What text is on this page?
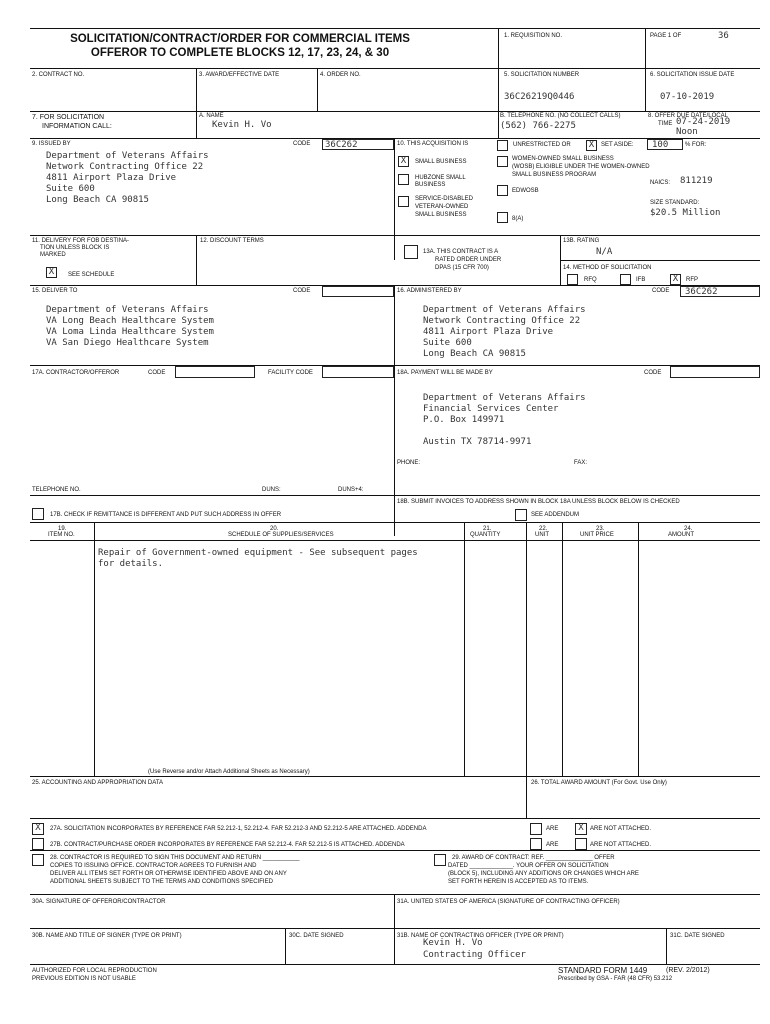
SOLICITATION/CONTRACT/ORDER FOR COMMERCIAL ITEMS
OFFEROR TO COMPLETE BLOCKS 12, 17, 23, 24, & 30
1. REQUISITION NO.	PAGE 1 OF	36
2. CONTRACT NO.	3. AWARD/EFFECTIVE DATE	4. ORDER NO.	5. SOLICITATION NUMBER
36C26219Q0446
6. SOLICITATION ISSUE DATE
07-10-2019
7. FOR SOLICITATION
INFORMATION CALL:
A. NAME
Kevin H. Vo
B. TELEPHONE NO. (NO COLLECT CALLS)
(562) 766-2275
8. OFFER DUE DATE/LOCAL
TIME 07-24-2019
Noon
9. ISSUED BY	CODE 36C262
Department of Veterans Affairs
Network Contracting Office 22
4811 Airport Plaza Drive
Suite 600
Long Beach CA 90815
10. THIS ACQUISITION IS	UNRESTRICTED OR	X	SET ASIDE: 100	% FOR:
X	SMALL BUSINESS
HUBZONE SMALL
BUSINESS
SERVICE-DISABLED
VETERAN-OWNED
SMALL BUSINESS
WOMEN-OWNED SMALL BUSINESS
(WOSB) ELIGIBLE UNDER THE WOMEN-OWNED
SMALL BUSINESS PROGRAM
EDWOSB
8(A)
NAICS: 811219
SIZE STANDARD:
$20.5 Million
11. DELIVERY FOR FOB DESTINA-
TION UNLESS BLOCK IS
MARKED
X	SEE SCHEDULE
12. DISCOUNT TERMS
13A. THIS CONTRACT IS A
RATED ORDER UNDER
DPAS (15 CFR 700)
13B. RATING
N/A
14. METHOD OF SOLICITATION
RFQ	IFB	X	RFP
15. DELIVER TO	CODE
Department of Veterans Affairs
VA Long Beach Healthcare System
VA Loma Linda Healthcare System
VA San Diego Healthcare System
16. ADMINISTERED BY	CODE 36C262
Department of Veterans Affairs
Network Contracting Office 22
4811 Airport Plaza Drive
Suite 600
Long Beach CA 90815
17A. CONTRACTOR/OFFEROR	CODE	FACILITY CODE
TELEPHONE NO.	DUNS:	DUNS+4:
17B. CHECK IF REMITTANCE IS DIFFERENT AND PUT SUCH ADDRESS IN OFFER
18A. PAYMENT WILL BE MADE BY	CODE
Department of Veterans Affairs
Financial Services Center
P.O. Box 149971
Austin TX 78714-9971
PHONE:	FAX:
18B. SUBMIT INVOICES TO ADDRESS SHOWN IN BLOCK 18A UNLESS BLOCK BELOW IS CHECKED
SEE ADDENDUM
19.
ITEM NO.
20.
SCHEDULE OF SUPPLIES/SERVICES
21.
QUANTITY
22.
UNIT
23.
UNIT PRICE
24.
AMOUNT
Repair of Government-owned equipment - See subsequent pages
for details.
(Use Reverse and/or Attach Additional Sheets as Necessary)
25. ACCOUNTING AND APPROPRIATION DATA	26. TOTAL AWARD AMOUNT (For Govt. Use Only)
X	27A. SOLICITATION INCORPORATES BY REFERENCE FAR 52.212-1, 52.212-4. FAR 52.212-3 AND 52.212-5 ARE ATTACHED. ADDENDA	ARE	X	ARE NOT ATTACHED.
27B. CONTRACT/PURCHASE ORDER INCORPORATES BY REFERENCE FAR 52.212-4. FAR 52.212-5 IS ATTACHED. ADDENDA	ARE	ARE NOT ATTACHED.
28. CONTRACTOR IS REQUIRED TO SIGN THIS DOCUMENT AND RETURN ___________
COPIES TO ISSUING OFFICE. CONTRACTOR AGREES TO FURNISH AND
DELIVER ALL ITEMS SET FORTH OR OTHERWISE IDENTIFIED ABOVE AND ON ANY
ADDITIONAL SHEETS SUBJECT TO THE TERMS AND CONDITIONS SPECIFIED
29. AWARD OF CONTRACT: REF. ______________ OFFER
DATED _____________. YOUR OFFER ON SOLICITATION
(BLOCK 5), INCLUDING ANY ADDITIONS OR CHANGES WHICH ARE
SET FORTH HEREIN IS ACCEPTED AS TO ITEMS.
30A. SIGNATURE OF OFFEROR/CONTRACTOR	31A. UNITED STATES OF AMERICA (SIGNATURE OF CONTRACTING OFFICER)
30B. NAME AND TITLE OF SIGNER (TYPE OR PRINT)	30C. DATE SIGNED	31B. NAME OF CONTRACTING OFFICER (TYPE OR PRINT)
Kevin H. Vo
Contracting Officer
31C. DATE SIGNED
AUTHORIZED FOR LOCAL REPRODUCTION
PREVIOUS EDITION IS NOT USABLE
STANDARD FORM 1449	(REV. 2/2012)
Prescribed by GSA - FAR (48 CFR) 53.212
